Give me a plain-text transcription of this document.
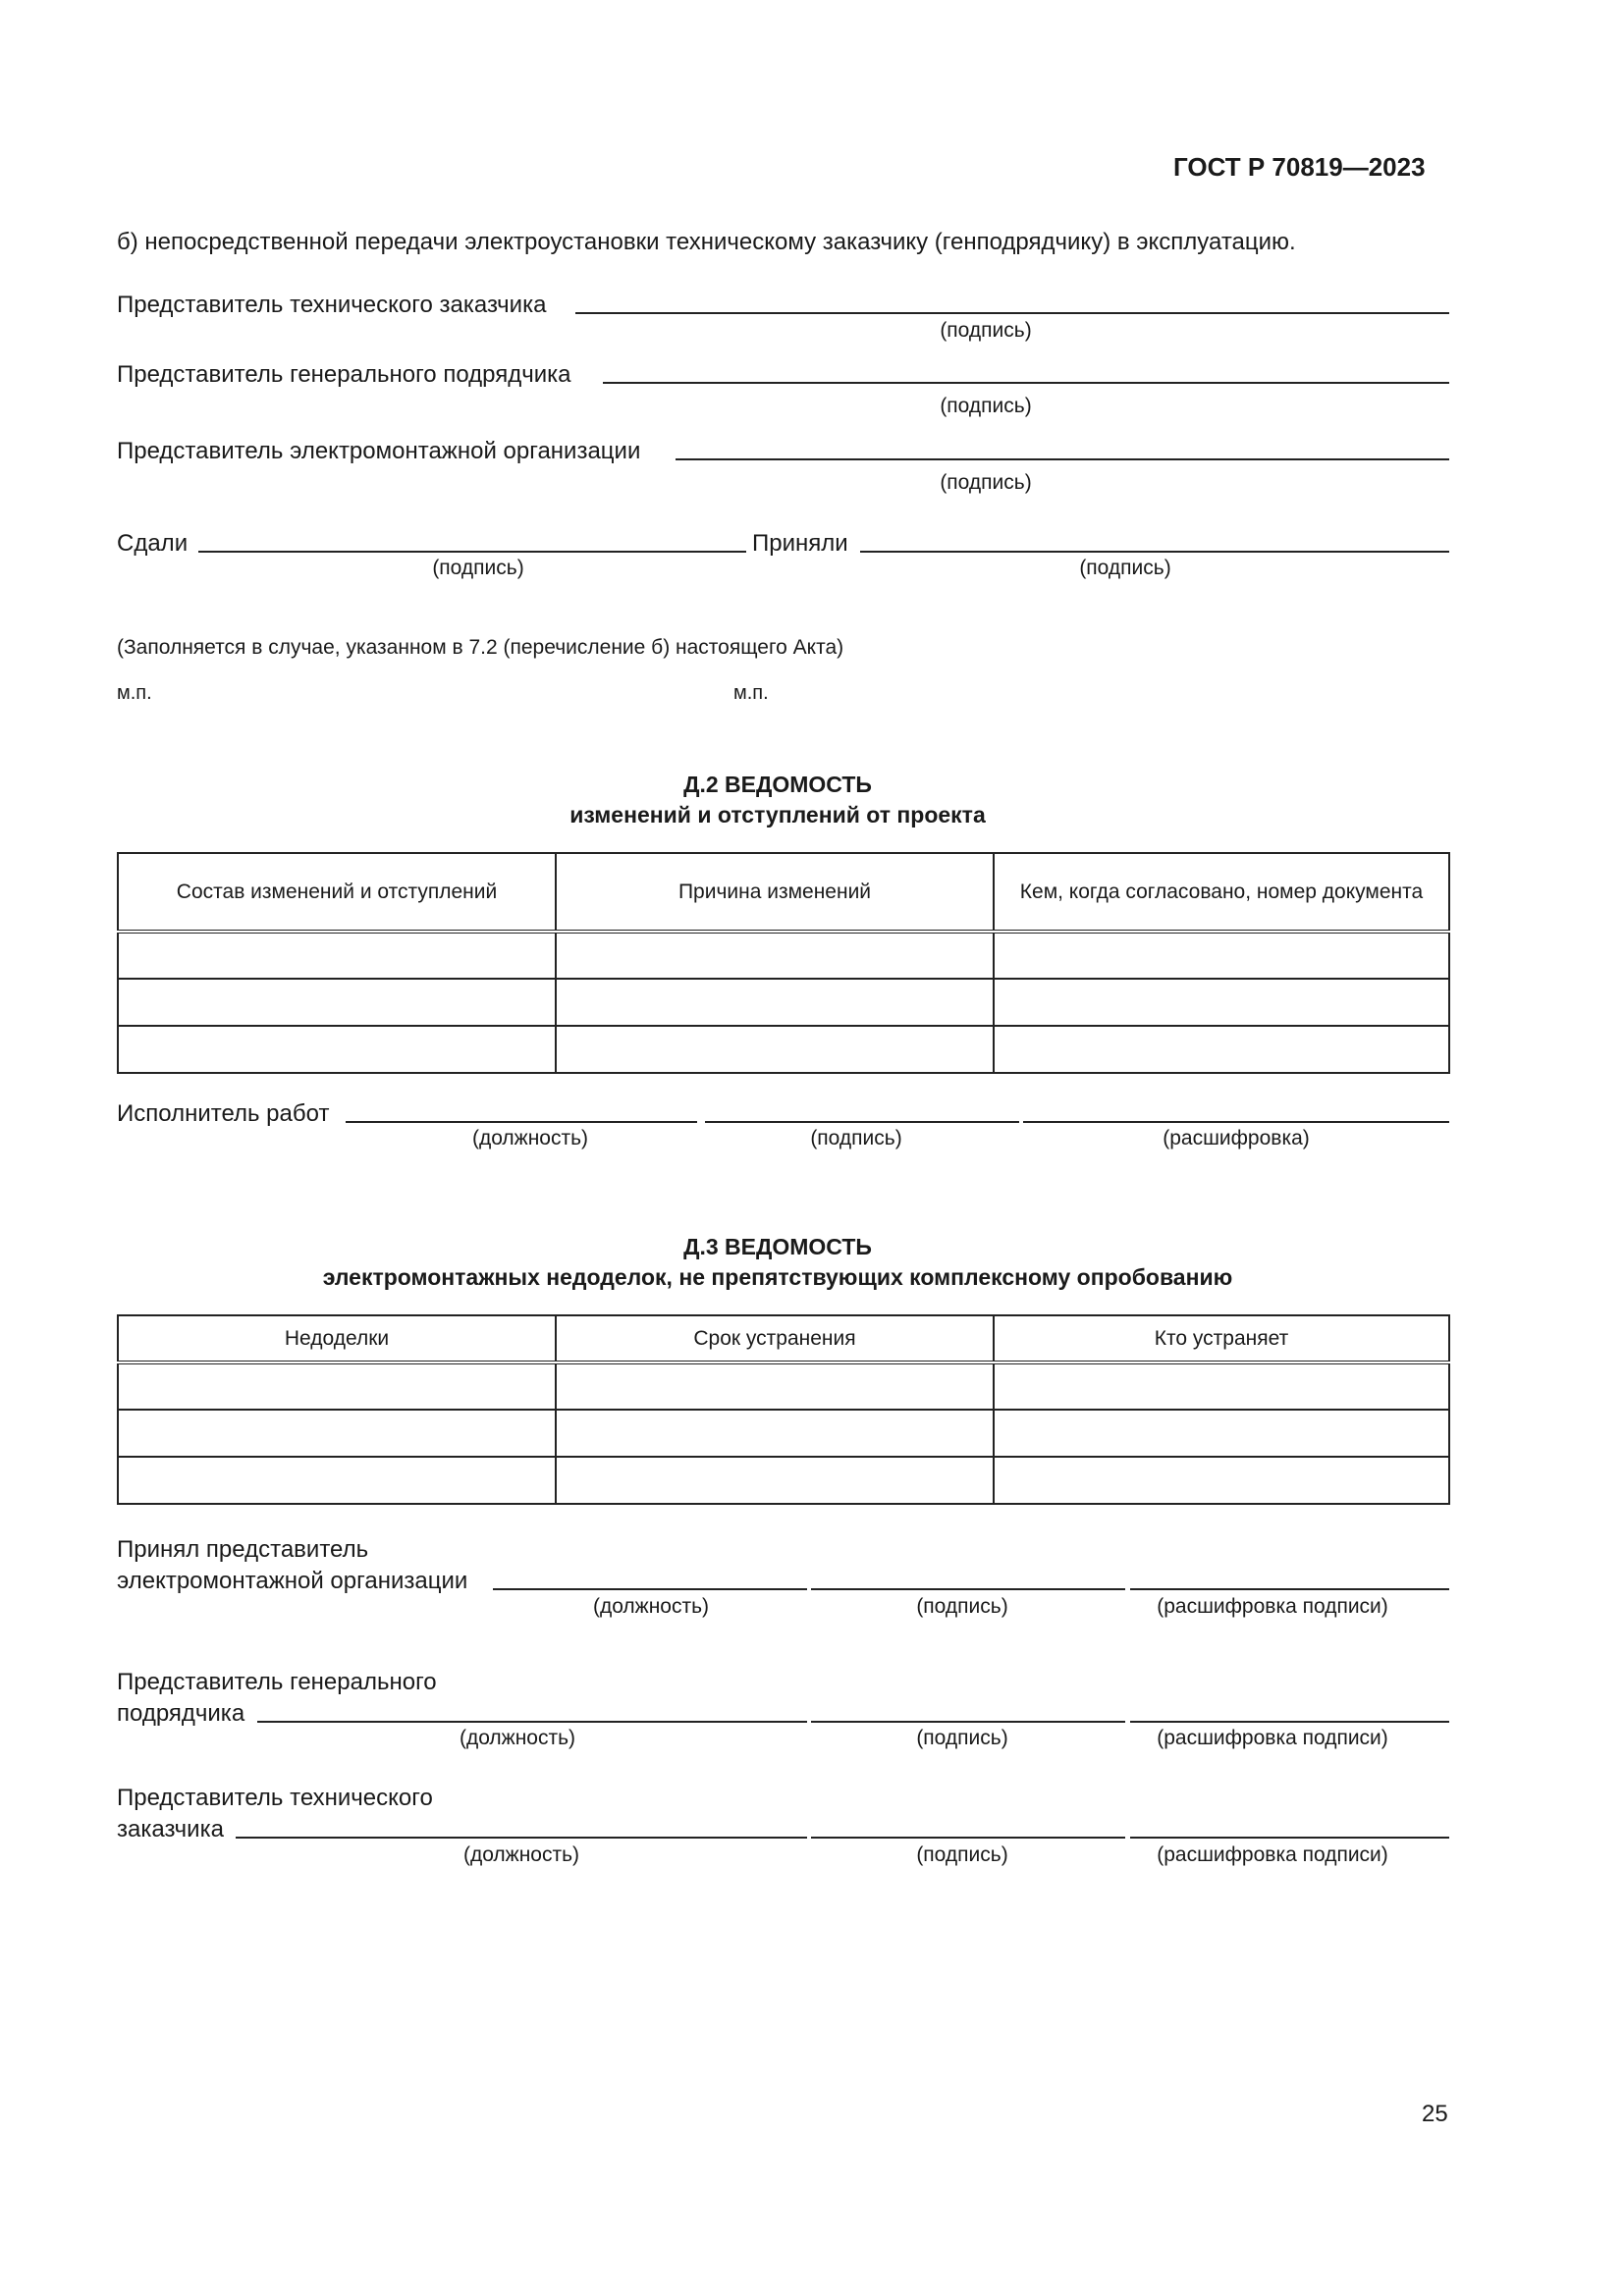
ГОСТ Р 70819—2023
б) непосредственной передачи электроустановки техническому заказчику (генподрядчику) в эксплуатацию.
Представитель технического заказчика
(подпись)
Представитель генерального подрядчика
(подпись)
Представитель электромонтажной организации
(подпись)
Сдали
(подпись)
Приняли
(подпись)
(Заполняется в случае, указанном в 7.2 (перечисление б) настоящего Акта)
м.п.	м.п.
Д.2 ВЕДОМОСТЬ
изменений и отступлений от проекта
Состав изменений и отступлений	Причина изменений	Кем, когда согласовано, номер документа

Исполнитель работ
(должность)	(подпись)	(расшифровка)
Д.3 ВЕДОМОСТЬ
электромонтажных недоделок, не препятствующих комплексному опробованию
Недоделки	Срок устранения	Кто устраняет

Принял представитель
электромонтажной организации
(должность)	(подпись)	(расшифровка подписи)
Представитель генерального
подрядчика
(должность)	(подпись)	(расшифровка подписи)
Представитель технического
заказчика
(должность)	(подпись)	(расшифровка подписи)
25
